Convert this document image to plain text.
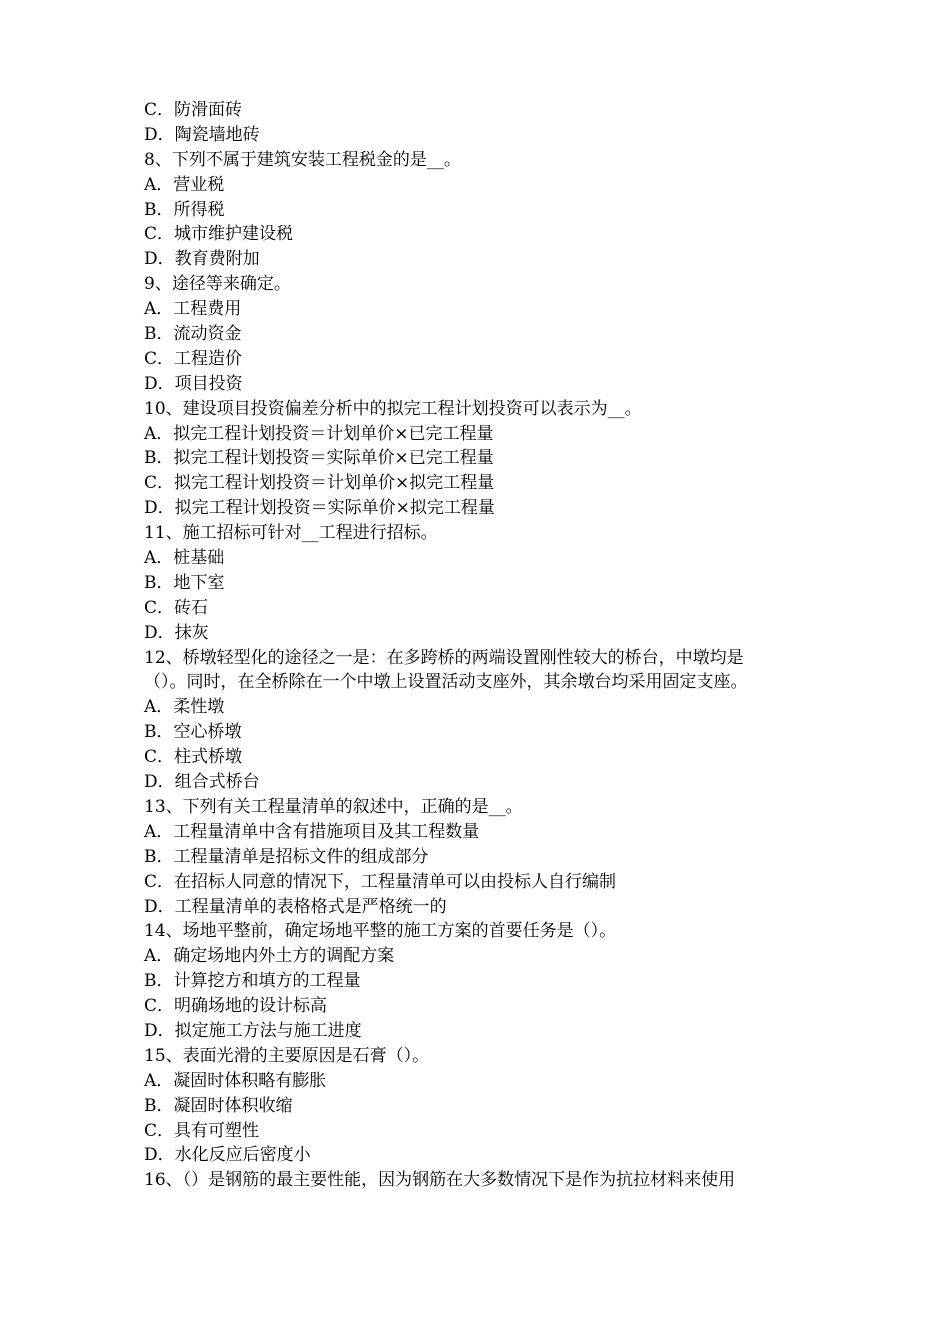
C．防滑面砖
D．陶瓷墙地砖
8、下列不属于建筑安装工程税金的是__。
A．营业税
B．所得税
C．城市维护建设税
D．教育费附加
9、途径等来确定。
A．工程费用
B．流动资金
C．工程造价
D．项目投资
10、建设项目投资偏差分析中的拟完工程计划投资可以表示为__。
A．拟完工程计划投资＝计划单价×已完工程量
B．拟完工程计划投资＝实际单价×已完工程量
C．拟完工程计划投资＝计划单价×拟完工程量
D．拟完工程计划投资＝实际单价×拟完工程量
11、施工招标可针对__工程进行招标。
A．桩基础
B．地下室
C．砖石
D．抹灰
12、桥墩轻型化的途径之一是：在多跨桥的两端设置刚性较大的桥台，中墩均是
（）。同时，在全桥除在一个中墩上设置活动支座外，其余墩台均采用固定支座。
A．柔性墩
B．空心桥墩
C．柱式桥墩
D．组合式桥台
13、下列有关工程量清单的叙述中，正确的是__。
A．工程量清单中含有措施项目及其工程数量
B．工程量清单是招标文件的组成部分
C．在招标人同意的情况下，工程量清单可以由投标人自行编制
D．工程量清单的表格格式是严格统一的
14、场地平整前，确定场地平整的施工方案的首要任务是（）。
A．确定场地内外土方的调配方案
B．计算挖方和填方的工程量
C．明确场地的设计标高
D．拟定施工方法与施工进度
15、表面光滑的主要原因是石膏（）。
A．凝固时体积略有膨胀
B．凝固时体积收缩
C．具有可塑性
D．水化反应后密度小
16、（）是钢筋的最主要性能，因为钢筋在大多数情况下是作为抗拉材料来使用
